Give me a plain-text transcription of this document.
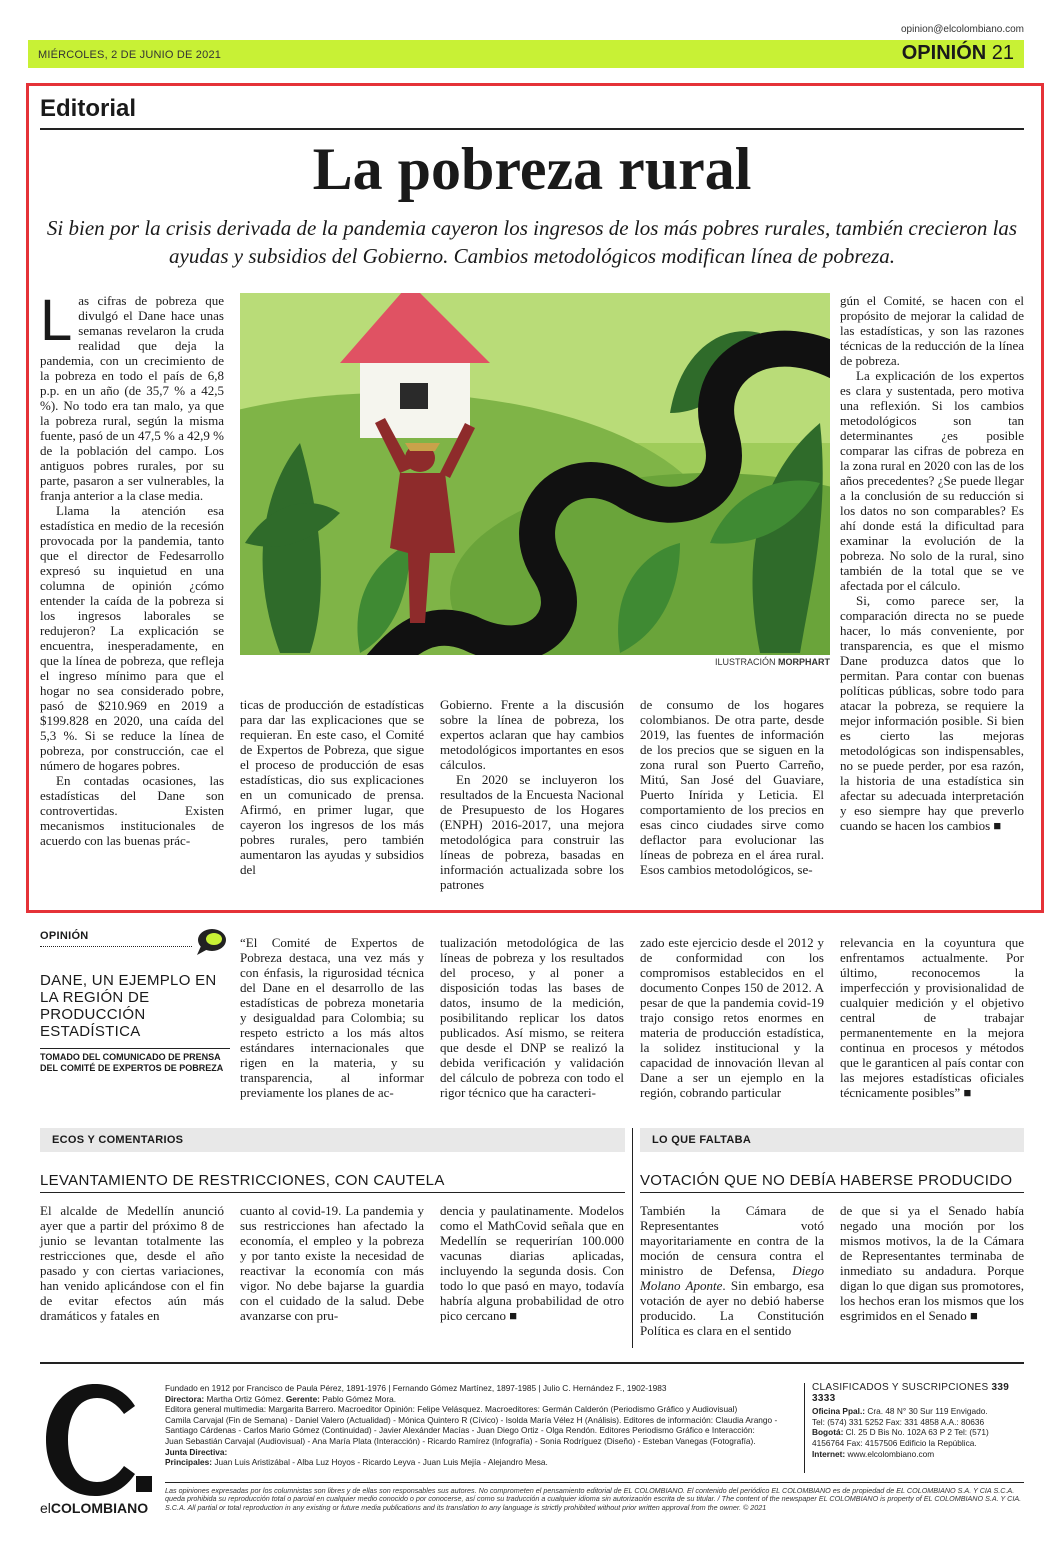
opinion@elcolombiano.com
MIÉRCOLES, 2 DE JUNIO DE 2021	OPINIÓN 21
Editorial
La pobreza rural
Si bien por la crisis derivada de la pandemia cayeron los ingresos de los más pobres rurales, también crecieron las ayudas y subsidios del Gobierno. Cambios metodológicos modifican línea de pobreza.

Las cifras de pobreza que divulgó el Dane hace unas semanas revelaron la cruda realidad que deja la pandemia, con un crecimiento de la pobreza en todo el país de 6,8 p.p. en un año (de 35,7 % a 42,5 %). No todo era tan malo, ya que la pobreza rural, según la misma fuente, pasó de un 47,5 % a 42,9 % de la población del campo. Los antiguos pobres rurales, por su parte, pasaron a ser vulnerables, la franja anterior a la clase media.

Llama la atención esa estadística en medio de la recesión provocada por la pandemia, tanto que el director de Fedesarrollo expresó su inquietud en una columna de opinión ¿cómo entender la caída de la pobreza si los ingresos laborales se redujeron? La explicación se encuentra, inesperadamente, en que la línea de pobreza, que refleja el ingreso mínimo para que el hogar no sea considerado pobre, pasó de $210.969 en 2019 a $199.828 en 2020, una caída del 5,3 %. Si se reduce la línea de pobreza, por construcción, cae el número de hogares pobres.

En contadas ocasiones, las estadísticas del Dane son controvertidas. Existen mecanismos institucionales de acuerdo con las buenas prác-

ILUSTRACIÓN MORPHART

ticas de producción de estadísticas para dar las explicaciones que se requieran. En este caso, el Comité de Expertos de Pobreza, que sigue el proceso de producción de esas estadísticas, dio sus explicaciones en un comunicado de prensa. Afirmó, en primer lugar, que cayeron los ingresos de los más pobres rurales, pero también aumentaron las ayudas y subsidios del

Gobierno. Frente a la discusión sobre la línea de pobreza, los expertos aclaran que hay cambios metodológicos importantes en esos cálculos.

En 2020 se incluyeron los resultados de la Encuesta Nacional de Presupuesto de los Hogares (ENPH) 2016-2017, una mejora metodológica para construir las líneas de pobreza, basadas en información actualizada sobre los patrones

de consumo de los hogares colombianos. De otra parte, desde 2019, las fuentes de información de los precios que se siguen en la zona rural son Puerto Carreño, Mitú, San José del Guaviare, Puerto Inírida y Leticia. El comportamiento de los precios en esas cinco ciudades sirve como deflactor para evolucionar las líneas de pobreza en el área rural. Esos cambios metodológicos, se-

gún el Comité, se hacen con el propósito de mejorar la calidad de las estadísticas, y son las razones técnicas de la reducción de la línea de pobreza.

La explicación de los expertos es clara y sustentada, pero motiva una reflexión. Si los cambios metodológicos son tan determinantes ¿es posible comparar las cifras de pobreza en la zona rural en 2020 con las de los años precedentes? ¿Se puede llegar a la conclusión de su reducción si los datos no son comparables? Es ahí donde está la dificultad para examinar la evolución de la pobreza. No solo de la rural, sino también de la total que se ve afectada por el cálculo.

Si, como parece ser, la comparación directa no se puede hacer, lo más conveniente, por transparencia, es que el mismo Dane produzca datos que lo permitan. Para contar con buenas políticas públicas, sobre todo para atacar la pobreza, se requiere la mejor información posible. Si bien es cierto las mejoras metodológicas son indispensables, no se puede perder, por esa razón, la historia de una estadística sin afectar su adecuada interpretación y eso siempre hay que preverlo cuando se hacen los cambios ■

OPINIÓN
DANE, UN EJEMPLO EN LA REGIÓN DE PRODUCCIÓN ESTADÍSTICA
TOMADO DEL COMUNICADO DE PRENSA DEL COMITÉ DE EXPERTOS DE POBREZA

“El Comité de Expertos de Pobreza destaca, una vez más y con énfasis, la rigurosidad técnica del Dane en el desarrollo de las estadísticas de pobreza monetaria y desigualdad para Colombia; su respeto estricto a los más altos estándares internacionales que rigen en la materia, y su transparencia, al informar previamente los planes de ac-

tualización metodológica de las líneas de pobreza y los resultados del proceso, y al poner a disposición todas las bases de datos, insumo de la medición, posibilitando replicar los datos publicados. Así mismo, se reitera que desde el DNP se realizó la debida verificación y validación del cálculo de pobreza con todo el rigor técnico que ha caracteri-

zado este ejercicio desde el 2012 y de conformidad con los compromisos establecidos en el documento Conpes 150 de 2012. A pesar de que la pandemia covid-19 trajo consigo retos enormes en materia de producción estadística, la solidez institucional y la capacidad de innovación llevan al Dane a ser un ejemplo en la región, cobrando particular

relevancia en la coyuntura que enfrentamos actualmente. Por último, reconocemos la imperfección y provisionalidad de cualquier medición y el objetivo central de trabajar permanentemente en la mejora continua en procesos y métodos que le garanticen al país contar con las mejores estadísticas oficiales técnicamente posibles” ■

ECOS Y COMENTARIOS
LEVANTAMIENTO DE RESTRICCIONES, CON CAUTELA

El alcalde de Medellín anunció ayer que a partir del próximo 8 de junio se levantan totalmente las restricciones que, desde el año pasado y con ciertas variaciones, han venido aplicándose con el fin de evitar efectos aún más dramáticos y fatales en

cuanto al covid-19. La pandemia y sus restricciones han afectado la economía, el empleo y la pobreza y por tanto existe la necesidad de reactivar la economía con más vigor. No debe bajarse la guardia con el cuidado de la salud. Debe avanzarse con pru-

dencia y paulatinamente. Modelos como el MathCovid señala que en Medellín se requerirían 100.000 vacunas diarias aplicadas, incluyendo la segunda dosis. Con todo lo que pasó en mayo, todavía habría alguna probabilidad de otro pico cercano ■

LO QUE FALTABA
VOTACIÓN QUE NO DEBÍA HABERSE PRODUCIDO

También la Cámara de Representantes votó mayoritariamente en contra de la moción de censura contra el ministro de Defensa, Diego Molano Aponte. Sin embargo, esa votación de ayer no debió haberse producido. La Constitución Política es clara en el sentido

de que si ya el Senado había negado una moción por los mismos motivos, la de la Cámara de Representantes terminaba de inmediato su andadura. Porque digan lo que digan sus promotores, los hechos eran los mismos que los esgrimidos en el Senado ■

elCOLOMBIANO
Fundado en 1912 por Francisco de Paula Pérez, 1891-1976 | Fernando Gómez Martínez, 1897-1985 | Julio C. Hernández F., 1902-1983
Directora: Martha Ortiz Gómez. Gerente: Pablo Gómez Mora.
Editora general multimedia: Margarita Barrero. Macroeditor Opinión: Felipe Velásquez. Macroeditores: Germán Calderón (Periodismo Gráfico y Audiovisual)
Camila Carvajal (Fin de Semana) - Daniel Valero (Actualidad) - Mónica Quintero R (Cívico) - Isolda María Vélez H (Análisis). Editores de información: Claudia Arango -
Santiago Cárdenas - Carlos Mario Gómez (Continuidad) - Javier Alexánder Macías - Juan Diego Ortiz - Olga Rendón. Editores Periodismo Gráfico e Interacción:
Juan Sebastián Carvajal (Audiovisual) - Ana María Plata (Interacción) - Ricardo Ramírez (Infografía) - Sonia Rodríguez (Diseño) - Esteban Vanegas (Fotografía).
Junta Directiva:
Principales: Juan Luis Aristizábal - Alba Luz Hoyos - Ricardo Leyva - Juan Luis Mejía - Alejandro Mesa.
CLASIFICADOS Y SUSCRIPCIONES 339 3333
Oficina Ppal.: Cra. 48 N° 30 Sur 119 Envigado.
Tel: (574) 331 5252 Fax: 331 4858 A.A.: 80636
Bogotá: Cl. 25 D Bis No. 102A 63 P 2 Tel: (571)
4156764 Fax: 4157506 Edificio la República.
Internet: www.elcolombiano.com
Las opiniones expresadas por los columnistas son libres y de ellas son responsables sus autores. No comprometen el pensamiento editorial de EL COLOMBIANO. El contenido del periódico EL COLOMBIANO es de propiedad de EL COLOMBIANO S.A. Y CIA S.C.A. queda prohibida su reproducción total o parcial en cualquier medio conocido o por conocerse, así como su traducción a cualquier idioma sin autorización escrita de su titular. / The content of the newspaper EL COLOMBIANO is property of EL COLOMBIANO S.A. Y CIA. S.C.A. All partial or total reproduction in any existing or future media publications and its translation to any language is strictly prohibited without prior written approval from the owner. © 2021
